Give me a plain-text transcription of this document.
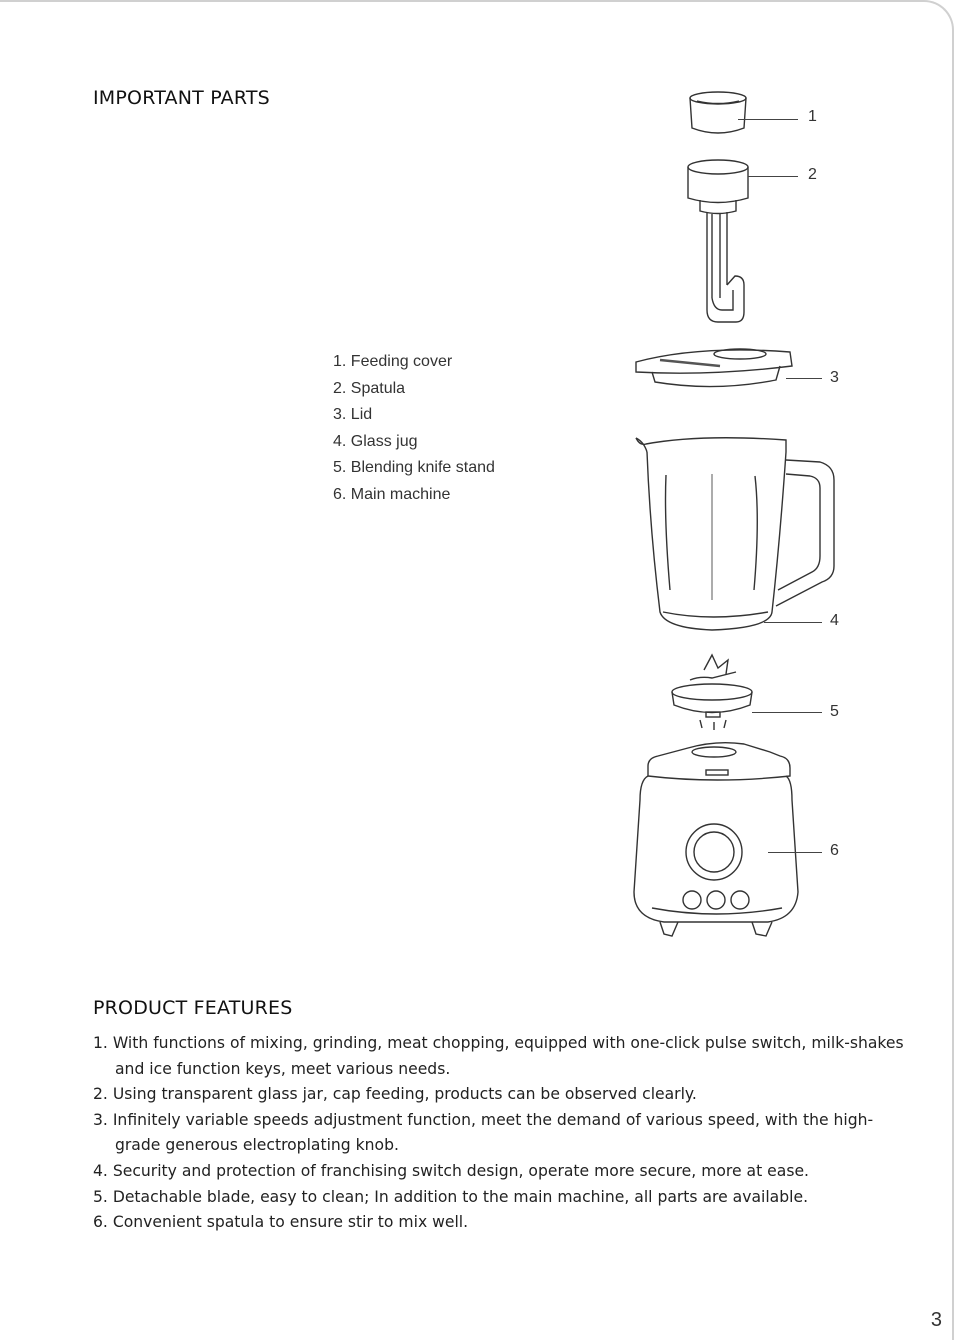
IMPORTANT PARTS
1. Feeding cover
2. Spatula
3. Lid
4. Glass jug
5. Blending knife stand
6. Main machine
1
2
3
4
5
6
PRODUCT FEATURES
1. With functions of mixing, grinding, meat chopping, equipped with one-click pulse switch, milk-shakes and ice function keys, meet various needs.
2. Using transparent glass jar, cap feeding, products can be observed clearly.
3. Infinitely variable speeds adjustment function, meet the demand of various speed, with the high-grade generous electroplating knob.
4. Security and protection of franchising switch design, operate more secure, more at ease.
5. Detachable blade, easy to clean; In addition to the main machine, all parts are available.
6. Convenient spatula to ensure stir to mix well.
3
